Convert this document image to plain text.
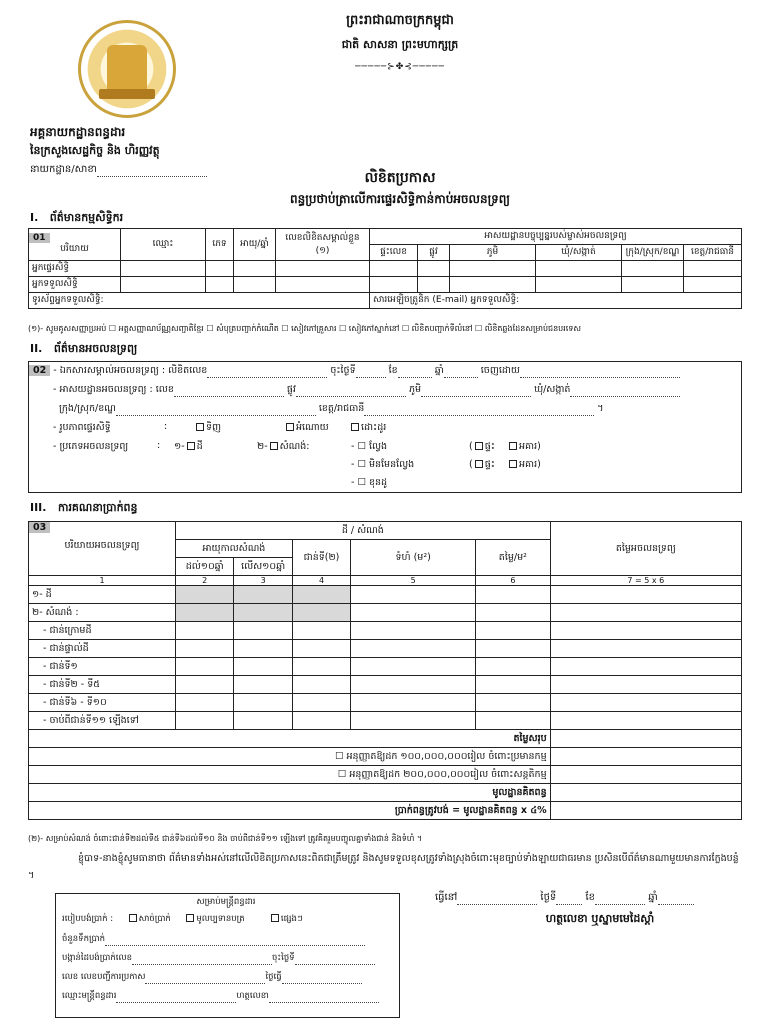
ព្រះរាជាណាចក្រកម្ពុជា
ជាតិ សាសនា ព្រះមហាក្សត្រ
─────⊱✤⊰─────
អគ្គនាយកដ្ឋានពន្ធដារ
នៃក្រសួងសេដ្ឋកិច្ច និង ហិរញ្ញវត្ថុ
នាយកដ្ឋាន/សាខា
លិខិតប្រកាស
ពន្ធប្រថាប់ត្រាលើការផ្ទេរសិទ្ធិកាន់កាប់អចលនទ្រព្យ
I. ព័ត៌មានកម្មសិទ្ធិករ
01
បរិយាយ	ឈ្មោះ	ភេទ	អាយុ/ឆ្នាំ	លេខលិខិតសម្គាល់ខ្លួន (១)	អាសយដ្ឋានបច្ចុប្បន្នរបស់ម្ចាស់អចលនទ្រព្យ					
					ផ្ទះលេខ	ផ្លូវ	ភូមិ	ឃុំ/សង្កាត់	ក្រុង/ស្រុក/ខណ្ឌ	ខេត្ត/រាជធានី
អ្នកផ្ទេរសិទ្ធិ										
អ្នកទទួលសិទ្ធិ										
ទូរស័ព្ទអ្នកទទួលសិទ្ធិ:					សារអេឡិចត្រូនិក (E-mail) អ្នកទទួលសិទ្ធិ:					
(១)- សូមគូសសញ្ញាប្រអប់ ☐ អត្តសញ្ញាណប័ណ្ណសញ្ជាតិខ្មែរ ☐ សំបុត្របញ្ជាក់កំណើត ☐ សៀវភៅគ្រួសារ ☐ សៀវភៅស្នាក់នៅ ☐ លិខិតបញ្ជាក់ទីលំនៅ ☐ លិខិតឆ្លងដែនសម្រាប់ជនបរទេស
II. ព័ត៌មានអចលនទ្រព្យ
02 - ឯកសារសម្គាល់អចលនទ្រព្យ : លិខិតលេខ	ចុះថ្ងៃទី	ខែ	ឆ្នាំ	ចេញដោយ
- អាសយដ្ឋានអចលនទ្រព្យ : លេខ	ផ្លូវ	ភូមិ	ឃុំ/សង្កាត់
ក្រុង/ស្រុក/ខណ្ឌ	ខេត្ត/រាជធានី	។
- រូបភាពផ្ទេរសិទ្ធិ	:	ទិញ	អំណោយ	ដោះដូរ
- ប្រភេទអចលនទ្រព្យ	: ១- ដី	២- សំណង់:	- ☐ ល្វែង	( ផ្ទះ	អគារ)
- ☐ មិនមែនល្វែង	( ផ្ទះ	អគារ)
- ☐ ខុនដូ
III. ការគណនាប្រាក់ពន្ធ
03
បរិយាយអចលនទ្រព្យ	ដី / សំណង់					តម្លៃអចលនទ្រព្យ
	អាយុកាលសំណង់		ជាន់ទី(២)	ទំហំ (ម²)	តម្លៃ/ម²	
	ដល់១០ឆ្នាំ	លើស១០ឆ្នាំ				
1	2	3	4	5	6	7 = 5 x 6
១- ដី						
២- សំណង់ :						
- ជាន់ក្រោមដី						
- ជាន់ផ្ទាល់ដី						
- ជាន់ទី១						
- ជាន់ទី២ - ទី៥						
- ជាន់ទី៦ - ទី១០						
- ចាប់ពីជាន់ទី១១ ឡើងទៅ						
តម្លៃសរុប						
☐ អនុញ្ញាតឱ្យដក ១០០,០០០,០០០រៀល ចំពោះប្រមានកម្ម						
☐ អនុញ្ញាតឱ្យដក ២០០,០០០,០០០រៀល ចំពោះសន្តតិកម្ម						
មូលដ្ឋានគិតពន្ធ						
ប្រាក់ពន្ធត្រូវបង់ = មូលដ្ឋានគិតពន្ធ x ៤%						
(២)- សម្រាប់សំណង់ ចំពោះជាន់ទី២ដល់ទី៥ ជាន់ទី៦ដល់ទី១០ និង ចាប់ពីជាន់ទី១១ ឡើងទៅ ត្រូវគិតរួមបញ្ចូលគ្នាទាំងជាន់ និងទំហំ ។
ខ្ញុំបាទ-នាងខ្ញុំសូមធានាថា ព័ត៌មានទាំងអស់នៅលើលិខិតប្រកាសនេះពិតជាត្រឹមត្រូវ និងសូមទទួលខុសត្រូវទាំងស្រុងចំពោះមុខច្បាប់ទាំងឡាយជាធរមាន ប្រសិនបើព័ត៌មានណាមួយមានការក្លែងបន្លំ ។
សម្រាប់មន្ត្រីពន្ធដារ
របៀបបង់ប្រាក់ :	សាច់ប្រាក់	មូលប្បទានបត្រ	ផ្សេងៗ
ចំនួនទឹកប្រាក់
បង្កាន់ដៃបង់ប្រាក់លេខ	ចុះថ្ងៃទី
លេខ លេខបញ្ជីការប្រកាស	ថ្ងៃធ្វើ
ឈ្មោះមន្ត្រីពន្ធដារ	ហត្ថលេខា
ធ្វើនៅ	ថ្ងៃទី	ខែ	ឆ្នាំ
ហត្ថលេខា ឬស្នាមមេដៃស្តាំ
